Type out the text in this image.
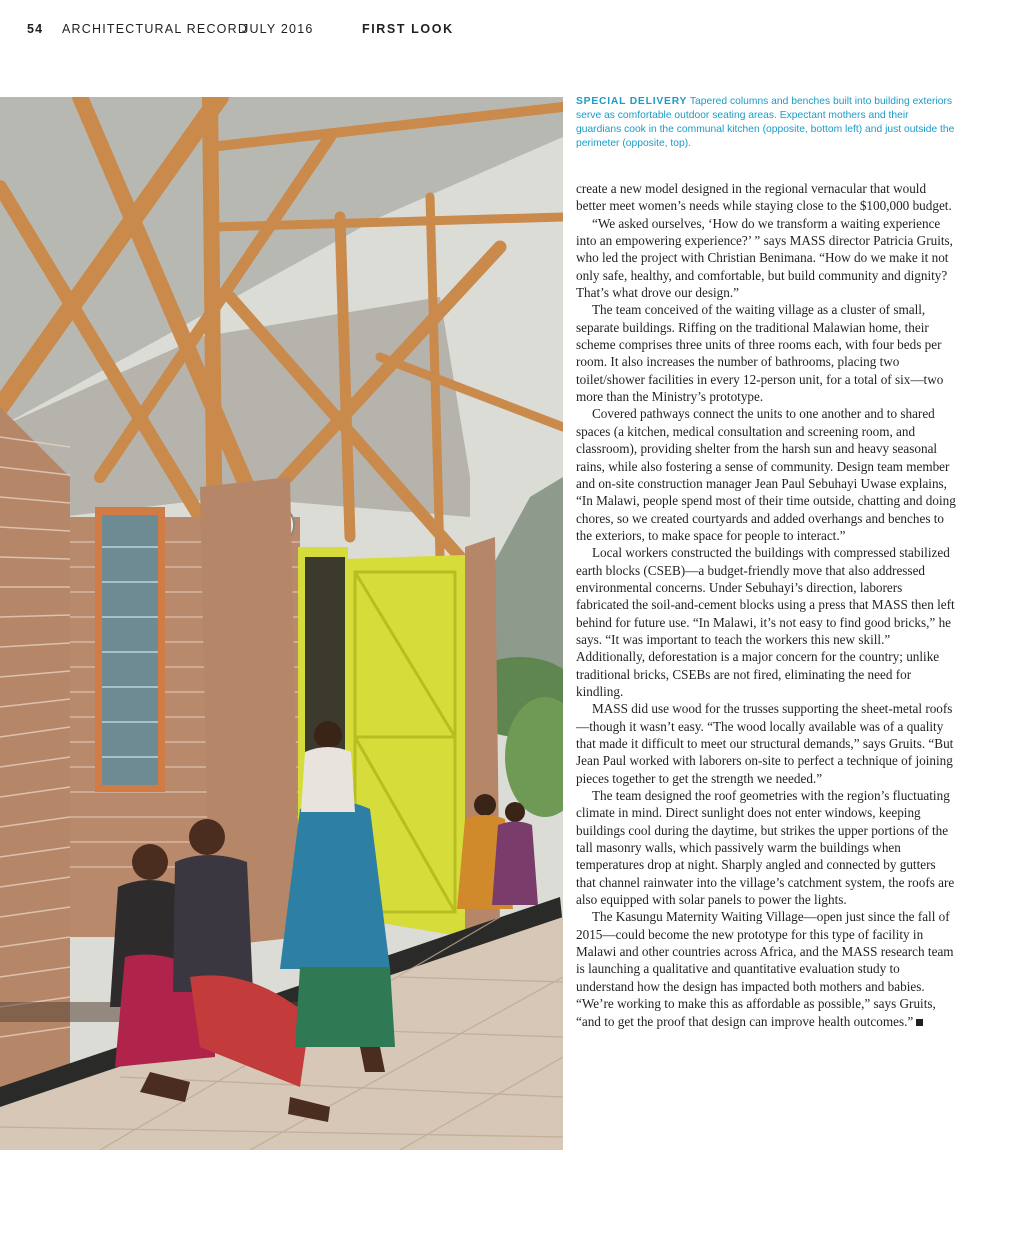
54 ARCHITECTURAL RECORD
JULY 2016	FIRST LOOK
SPECIAL DELIVERY Tapered columns and benches built into building exteriors serve as comfortable outdoor seating areas. Expectant mothers and their guardians cook in the communal kitchen (opposite, bottom left) and just outside the perimeter (opposite, top).

create a new model designed in the regional vernacular that would better meet women’s needs while staying close to the $100,000 budget.

“We asked ourselves, ‘How do we transform a waiting experience into an empowering experience?’ ” says MASS director Patricia Gruits, who led the project with Christian Benimana. “How do we make it not only safe, healthy, and comfortable, but build community and dignity? That’s what drove our design.”

The team conceived of the waiting village as a cluster of small, separate buildings. Riffing on the traditional Malawian home, their scheme comprises three units of three rooms each, with four beds per room. It also increases the number of bathrooms, placing two toilet/shower facilities in every 12-person unit, for a total of six—two more than the Ministry’s prototype.

Covered pathways connect the units to one another and to shared spaces (a kitchen, medical consultation and screening room, and classroom), providing shelter from the harsh sun and heavy seasonal rains, while also fostering a sense of community. Design team member and on-site construction manager Jean Paul Sebuhayi Uwase explains, “In Malawi, people spend most of their time outside, chatting and doing chores, so we created courtyards and added overhangs and benches to the exteriors, to make space for people to interact.”

Local workers constructed the buildings with compressed stabilized earth blocks (CSEB)—a budget-friendly move that also addressed environmental concerns. Under Sebuhayi’s direction, laborers fabricated the soil-and-cement blocks using a press that MASS then left behind for future use. “In Malawi, it’s not easy to find good bricks,” he says. “It was important to teach the workers this new skill.” Additionally, deforestation is a major concern for the country; unlike traditional bricks, CSEBs are not fired, eliminating the need for kindling.

MASS did use wood for the trusses supporting the sheet-metal roofs—though it wasn’t easy. “The wood locally available was of a quality that made it difficult to meet our structural demands,” says Gruits. “But Jean Paul worked with laborers on-site to perfect a technique of joining pieces together to get the strength we needed.”

The team designed the roof geometries with the region’s fluctuating climate in mind. Direct sunlight does not enter windows, keeping buildings cool during the daytime, but strikes the upper portions of the tall masonry walls, which passively warm the buildings when temperatures drop at night. Sharply angled and connected by gutters that channel rainwater into the village’s catchment system, the roofs are also equipped with solar panels to power the lights.

The Kasungu Maternity Waiting Village—open just since the fall of 2015—could become the new prototype for this type of facility in Malawi and other countries across Africa, and the MASS research team is launching a qualitative and quantitative evaluation study to understand how the design has impacted both mothers and babies. “We’re working to make this as affordable as possible,” says Gruits, “and to get the proof that design can improve health outcomes.”
